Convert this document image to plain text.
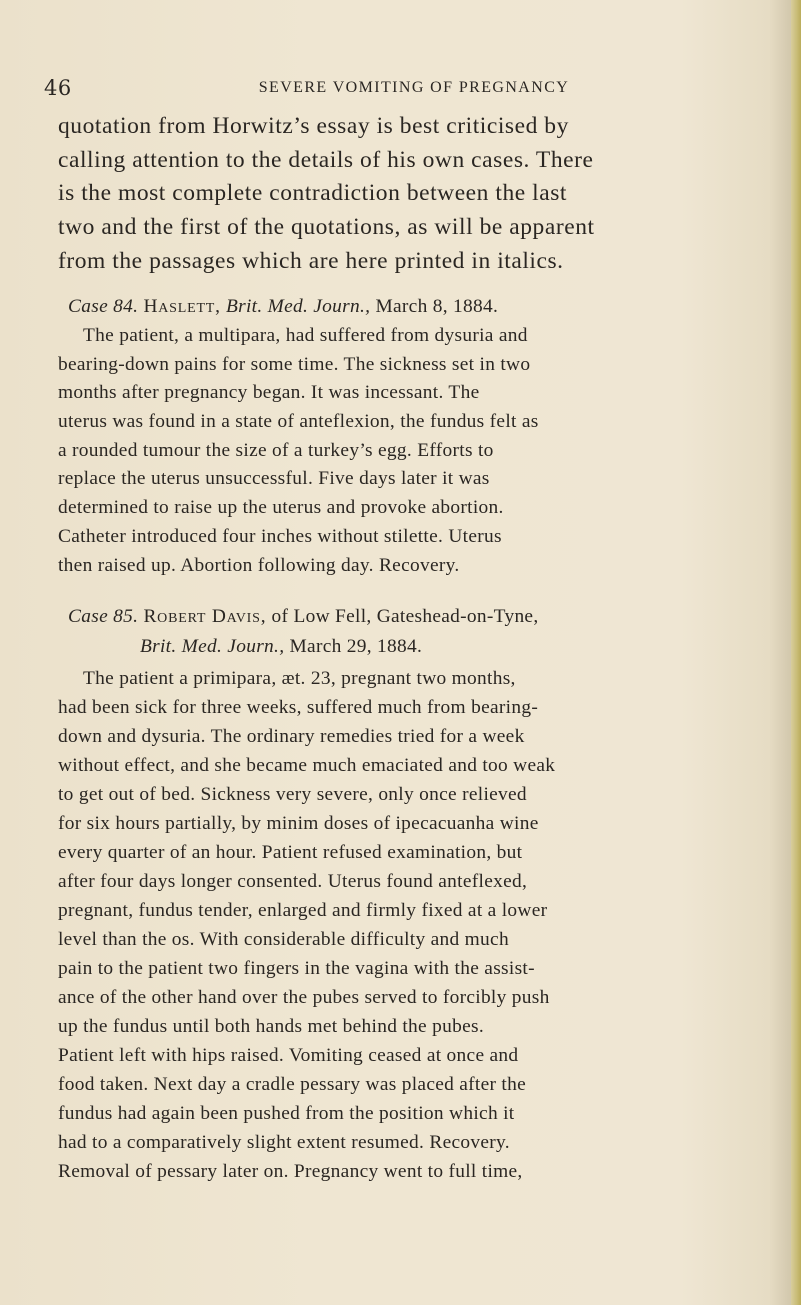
46	SEVERE VOMITING OF PREGNANCY
quotation from Horwitz’s essay is best criticised by
calling attention to the details of his own cases. There
is the most complete contradiction between the last
two and the first of the quotations, as will be apparent
from the passages which are here printed in italics.
Case 84. Haslett, Brit. Med. Journ., March 8, 1884.
The patient, a multipara, had suffered from dysuria and
bearing-down pains for some time. The sickness set in two
months after pregnancy began. It was incessant. The
uterus was found in a state of anteflexion, the fundus felt as
a rounded tumour the size of a turkey’s egg. Efforts to
replace the uterus unsuccessful. Five days later it was
determined to raise up the uterus and provoke abortion.
Catheter introduced four inches without stilette. Uterus
then raised up. Abortion following day. Recovery.
Case 85. Robert Davis, of Low Fell, Gateshead-on-Tyne,
Brit. Med. Journ., March 29, 1884.
The patient a primipara, æt. 23, pregnant two months,
had been sick for three weeks, suffered much from bearing-
down and dysuria. The ordinary remedies tried for a week
without effect, and she became much emaciated and too weak
to get out of bed. Sickness very severe, only once relieved
for six hours partially, by minim doses of ipecacuanha wine
every quarter of an hour. Patient refused examination, but
after four days longer consented. Uterus found anteflexed,
pregnant, fundus tender, enlarged and firmly fixed at a lower
level than the os. With considerable difficulty and much
pain to the patient two fingers in the vagina with the assist-
ance of the other hand over the pubes served to forcibly push
up the fundus until both hands met behind the pubes.
Patient left with hips raised. Vomiting ceased at once and
food taken. Next day a cradle pessary was placed after the
fundus had again been pushed from the position which it
had to a comparatively slight extent resumed. Recovery.
Removal of pessary later on. Pregnancy went to full time,
